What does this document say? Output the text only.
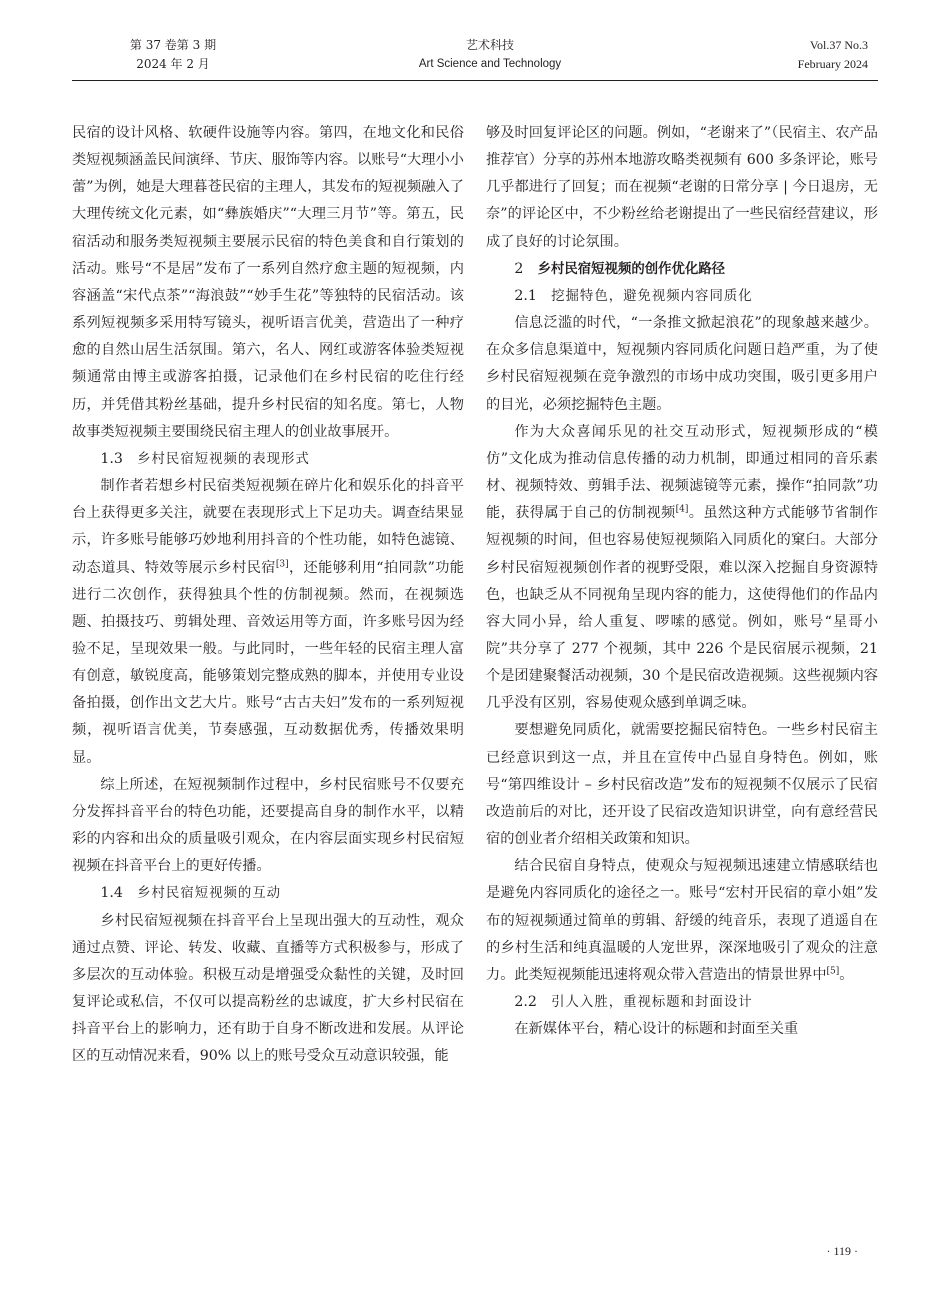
第 37 卷第 3 期
2024 年 2 月
艺术科技
Art Science and Technology
Vol.37 No.3
February 2024

民宿的设计风格、软硬件设施等内容。第四，在地文化和民俗类短视频涵盖民间演绎、节庆、服饰等内容。以账号“大理小小蕾”为例，她是大理暮苍民宿的主理人，其发布的短视频融入了大理传统文化元素，如“彝族婚庆”“大理三月节”等。第五，民宿活动和服务类短视频主要展示民宿的特色美食和自行策划的活动。账号“不是居”发布了一系列自然疗愈主题的短视频，内容涵盖“宋代点茶”“海浪鼓”“妙手生花”等独特的民宿活动。该系列短视频多采用特写镜头，视听语言优美，营造出了一种疗愈的自然山居生活氛围。第六，名人、网红或游客体验类短视频通常由博主或游客拍摄，记录他们在乡村民宿的吃住行经历，并凭借其粉丝基础，提升乡村民宿的知名度。第七，人物故事类短视频主要围绕民宿主理人的创业故事展开。

1.3 乡村民宿短视频的表现形式

制作者若想乡村民宿类短视频在碎片化和娱乐化的抖音平台上获得更多关注，就要在表现形式上下足功夫。调查结果显示，许多账号能够巧妙地利用抖音的个性功能，如特色滤镜、动态道具、特效等展示乡村民宿[3]，还能够利用“拍同款”功能进行二次创作，获得独具个性的仿制视频。然而，在视频选题、拍摄技巧、剪辑处理、音效运用等方面，许多账号因为经验不足，呈现效果一般。与此同时，一些年轻的民宿主理人富有创意，敏锐度高，能够策划完整成熟的脚本，并使用专业设备拍摄，创作出文艺大片。账号“古古夫妇”发布的一系列短视频，视听语言优美，节奏感强，互动数据优秀，传播效果明显。

综上所述，在短视频制作过程中，乡村民宿账号不仅要充分发挥抖音平台的特色功能，还要提高自身的制作水平，以精彩的内容和出众的质量吸引观众，在内容层面实现乡村民宿短视频在抖音平台上的更好传播。

1.4 乡村民宿短视频的互动

乡村民宿短视频在抖音平台上呈现出强大的互动性，观众通过点赞、评论、转发、收藏、直播等方式积极参与，形成了多层次的互动体验。积极互动是增强受众黏性的关键，及时回复评论或私信，不仅可以提高粉丝的忠诚度，扩大乡村民宿在抖音平台上的影响力，还有助于自身不断改进和发展。从评论区的互动情况来看，90% 以上的账号受众互动意识较强，能

够及时回复评论区的问题。例如，“老谢来了”（民宿主、农产品推荐官）分享的苏州本地游攻略类视频有 600 多条评论，账号几乎都进行了回复；而在视频“老谢的日常分享 | 今日退房，无奈”的评论区中，不少粉丝给老谢提出了一些民宿经营建议，形成了良好的讨论氛围。

2 乡村民宿短视频的创作优化路径
2.1 挖掘特色，避免视频内容同质化

信息泛滥的时代，“一条推文掀起浪花”的现象越来越少。在众多信息渠道中，短视频内容同质化问题日趋严重，为了使乡村民宿短视频在竞争激烈的市场中成功突围，吸引更多用户的目光，必须挖掘特色主题。

作为大众喜闻乐见的社交互动形式，短视频形成的“模仿”文化成为推动信息传播的动力机制，即通过相同的音乐素材、视频特效、剪辑手法、视频滤镜等元素，操作“拍同款”功能，获得属于自己的仿制视频[4]。虽然这种方式能够节省制作短视频的时间，但也容易使短视频陷入同质化的窠臼。大部分乡村民宿短视频创作者的视野受限，难以深入挖掘自身资源特色，也缺乏从不同视角呈现内容的能力，这使得他们的作品内容大同小异，给人重复、啰嗦的感觉。例如，账号“星哥小院”共分享了 277 个视频，其中 226 个是民宿展示视频，21 个是团建聚餐活动视频，30 个是民宿改造视频。这些视频内容几乎没有区别，容易使观众感到单调乏味。

要想避免同质化，就需要挖掘民宿特色。一些乡村民宿主已经意识到这一点，并且在宣传中凸显自身特色。例如，账号“第四维设计 – 乡村民宿改造”发布的短视频不仅展示了民宿改造前后的对比，还开设了民宿改造知识讲堂，向有意经营民宿的创业者介绍相关政策和知识。

结合民宿自身特点，使观众与短视频迅速建立情感联结也是避免内容同质化的途径之一。账号“宏村开民宿的章小姐”发布的短视频通过简单的剪辑、舒缓的纯音乐，表现了逍遥自在的乡村生活和纯真温暖的人宠世界，深深地吸引了观众的注意力。此类短视频能迅速将观众带入营造出的情景世界中[5]。

2.2 引人入胜，重视标题和封面设计

在新媒体平台，精心设计的标题和封面至关重

· 119 ·
